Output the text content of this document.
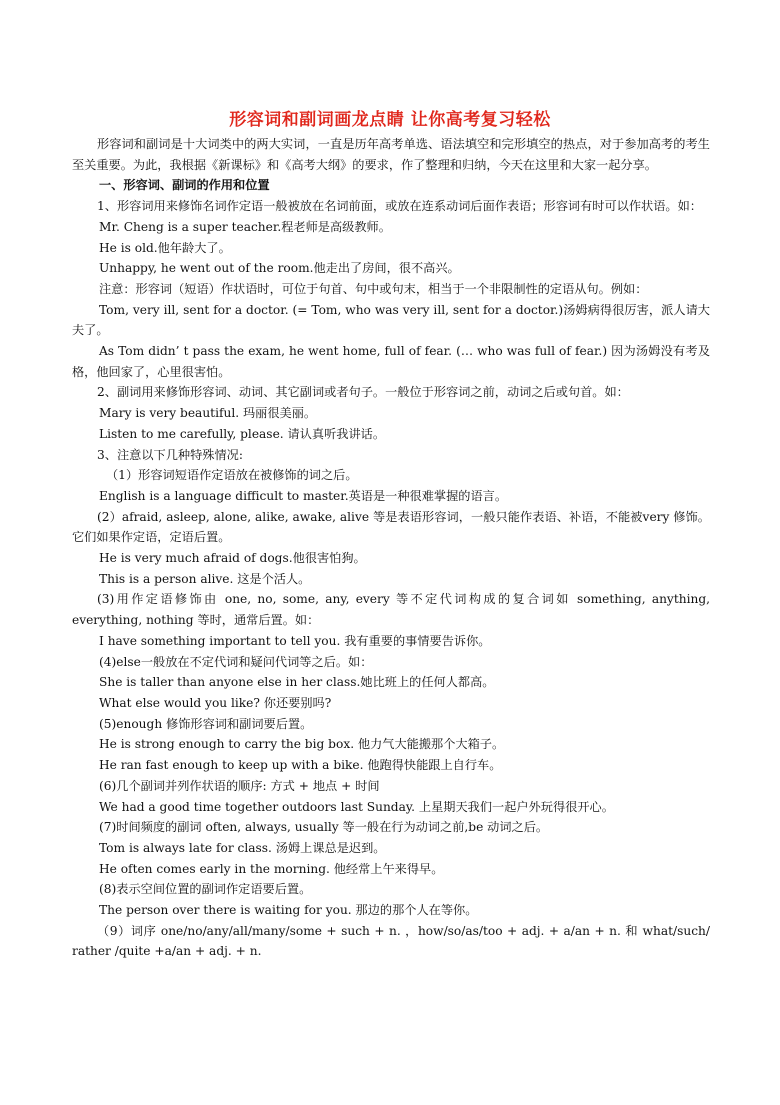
形容词和副词画龙点睛 让你高考复习轻松

形容词和副词是十大词类中的两大实词，一直是历年高考单选、语法填空和完形填空的热点，对于参加高考的考生至关重要。为此，我根据《新课标》和《高考大纲》的要求，作了整理和归纳，今天在这里和大家一起分享。

一、形容词、副词的作用和位置

1、形容词用来修饰名词作定语一般被放在名词前面，或放在连系动词后面作表语；形容词有时可以作状语。如：

Mr. Cheng is a super teacher.程老师是高级教师。

He is old.他年龄大了。

Unhappy, he went out of the room.他走出了房间，很不高兴。

注意：形容词（短语）作状语时，可位于句首、句中或句末，相当于一个非限制性的定语从句。例如：

Tom, very ill, sent for a doctor. (= Tom, who was very ill, sent for a doctor.)汤姆病得很厉害，派人请大夫了。

As Tom didn’ t pass the exam, he went home, full of fear. (… who was full of fear.) 因为汤姆没有考及格，他回家了，心里很害怕。

2、副词用来修饰形容词、动词、其它副词或者句子。一般位于形容词之前，动词之后或句首。如：

Mary is very beautiful. 玛丽很美丽。

Listen to me carefully, please. 请认真听我讲话。

3、注意以下几种特殊情况:

（1）形容词短语作定语放在被修饰的词之后。

English is a language difficult to master.英语是一种很难掌握的语言。

(2）afraid, asleep, alone, alike, awake, alive 等是表语形容词，一般只能作表语、补语，不能被very 修饰。它们如果作定语，定语后置。

He is very much afraid of dogs.他很害怕狗。

This is a person alive. 这是个活人。

(3)用作定语修饰由 one, no, some, any, every 等不定代词构成的复合词如 something, anything, everything, nothing 等时，通常后置。如：

I have something important to tell you. 我有重要的事情要告诉你。

(4)else一般放在不定代词和疑问代词等之后。如：

She is taller than anyone else in her class.她比班上的任何人都高。

What else would you like? 你还要别吗?

(5)enough 修饰形容词和副词要后置。

He is strong enough to carry the big box. 他力气大能搬那个大箱子。

He ran fast enough to keep up with a bike. 他跑得快能跟上自行车。

(6)几个副词并列作状语的顺序: 方式 + 地点 + 时间

We had a good time together outdoors last Sunday. 上星期天我们一起户外玩得很开心。

(7)时间频度的副词 often, always, usually 等一般在行为动词之前,be 动词之后。

Tom is always late for class. 汤姆上课总是迟到。

He often comes early in the morning. 他经常上午来得早。

(8)表示空间位置的副词作定语要后置。

The person over there is waiting for you. 那边的那个人在等你。

（9）词序 one/no/any/all/many/some + such + n. ，how/so/as/too + adj. + a/an + n. 和 what/such/ rather /quite +a/an + adj. + n.
